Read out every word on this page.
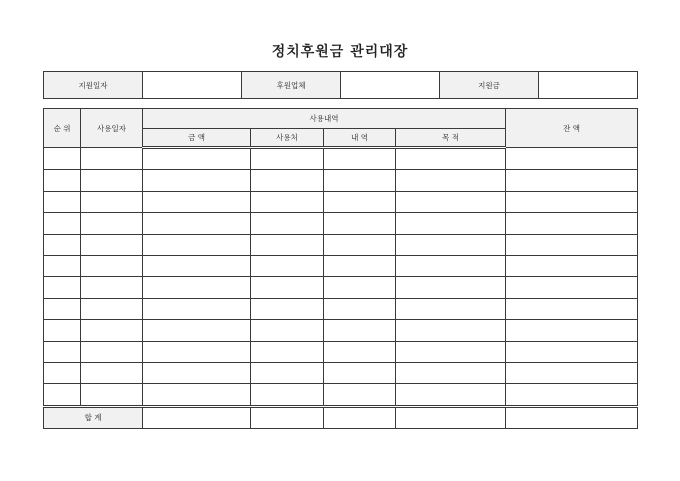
정치후원금 관리대장
지원일자		후원업체		지원금	
순 위	사용일자	사용내역				잔 액
		금 액	사용처	내 역	목 적	

합 계						
